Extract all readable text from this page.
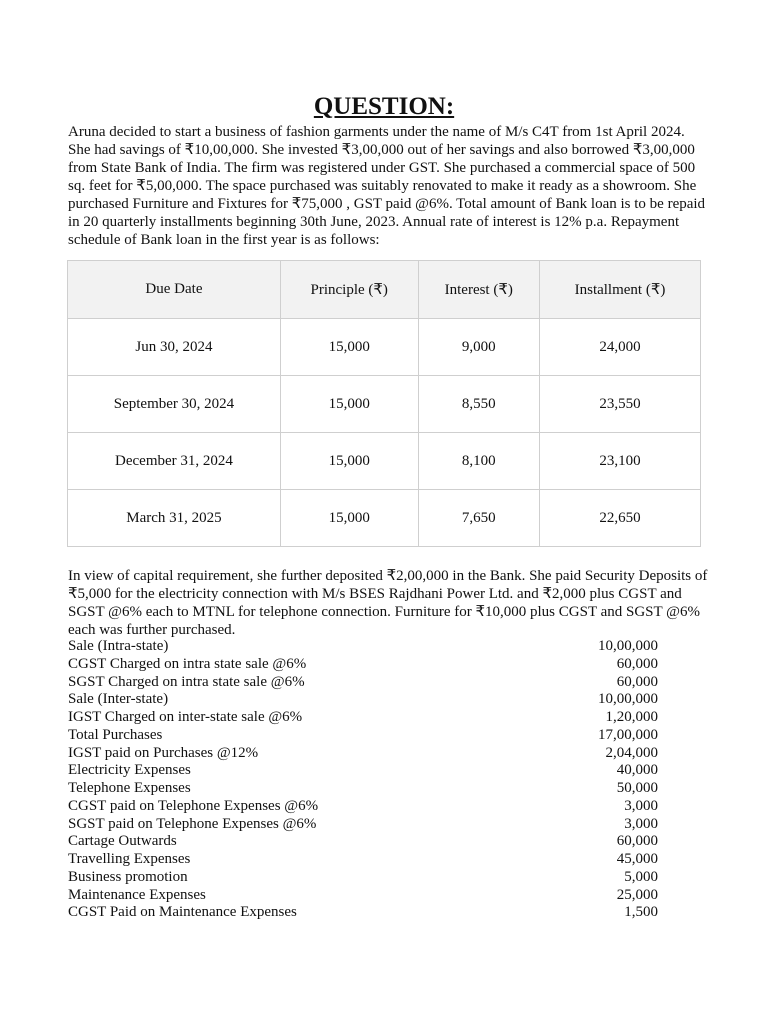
QUESTION:
Aruna decided to start a business of fashion garments under the name of M/s C4T from 1st April 2024. She had savings of ₹10,00,000. She invested ₹3,00,000 out of her savings and also borrowed ₹3,00,000 from State Bank of India. The firm was registered under GST. She purchased a commercial space of 500 sq. feet for ₹5,00,000. The space purchased was suitably renovated to make it ready as a showroom. She purchased Furniture and Fixtures for ₹75,000 , GST paid @6%. Total amount of Bank loan is to be repaid in 20 quarterly installments beginning 30th June, 2023. Annual rate of interest is 12% p.a. Repayment schedule of Bank loan in the first year is as follows:
Due Date	Principle (₹)	Interest (₹)	Installment (₹)
Jun 30, 2024	15,000	9,000	24,000
September 30, 2024	15,000	8,550	23,550
December 31, 2024	15,000	8,100	23,100
March 31, 2025	15,000	7,650	22,650
In view of capital requirement, she further deposited ₹2,00,000 in the Bank. She paid Security Deposits of ₹5,000 for the electricity connection with M/s BSES Rajdhani Power Ltd. and ₹2,000 plus CGST and SGST @6% each to MTNL for telephone connection. Furniture for ₹10,000 plus CGST and SGST @6% each was further purchased.
Sale (Intra-state)	10,00,000
CGST Charged on intra state sale @6%	60,000
SGST Charged on intra state sale @6%	60,000
Sale (Inter-state)	10,00,000
IGST Charged on inter-state sale @6%	1,20,000
Total Purchases	17,00,000
IGST paid on Purchases @12%	2,04,000
Electricity Expenses	40,000
Telephone Expenses	50,000
CGST paid on Telephone Expenses @6%	3,000
SGST paid on Telephone Expenses @6%	3,000
Cartage Outwards	60,000
Travelling Expenses	45,000
Business promotion	5,000
Maintenance Expenses	25,000
CGST Paid on Maintenance Expenses	1,500
